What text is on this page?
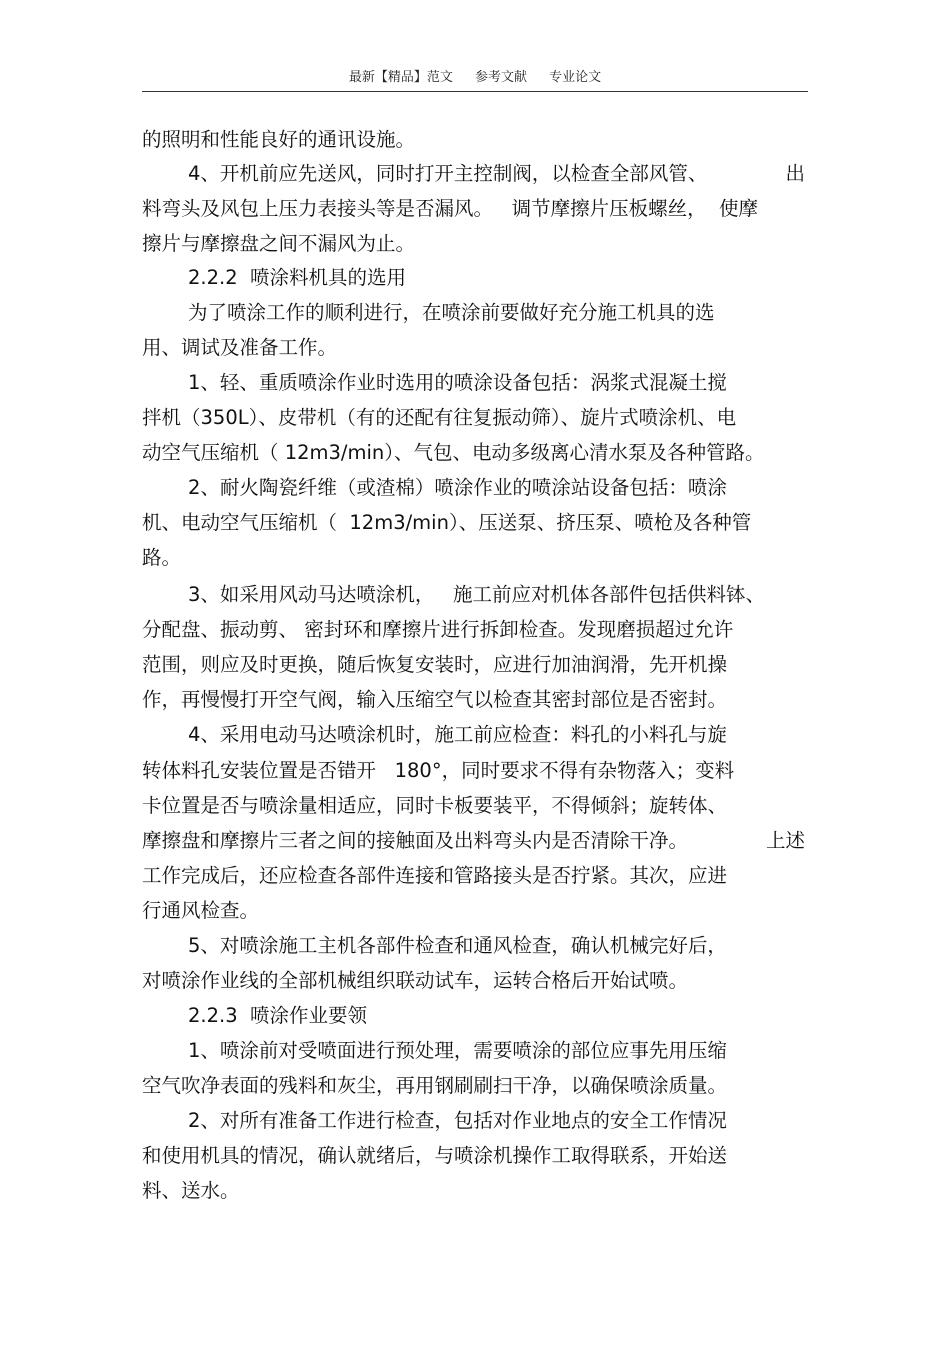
最新【精品】范文 参考文献 专业论文
的照明和性能良好的通讯设施。
4、开机前应先送风，同时打开主控制阀，以检查全部风管、	出
料弯头及风包上压力表接头等是否漏风。   调节摩擦片压板螺丝，  使摩
擦片与摩擦盘之间不漏风为止。
2.2.2  喷涂料机具的选用
为了喷涂工作的顺利进行，在喷涂前要做好充分施工机具的选
用、调试及准备工作。
1、轻、重质喷涂作业时选用的喷涂设备包括：涡浆式混凝土搅
拌机（350L）、皮带机（有的还配有往复振动筛）、旋片式喷涂机、电
动空气压缩机（ 12m3/min）、气包、电动多级离心清水泵及各种管路。
2、耐火陶瓷纤维（或渣棉）喷涂作业的喷涂站设备包括：喷涂
机、电动空气压缩机（  12m3/min）、压送泵、挤压泵、喷枪及各种管
路。
3、如采用风动马达喷涂机，   施工前应对机体各部件包括供料钵、
分配盘、振动剪、 密封环和摩擦片进行拆卸检查。发现磨损超过允许
范围，则应及时更换，随后恢复安装时，应进行加油润滑，先开机操
作，再慢慢打开空气阀，输入压缩空气以检查其密封部位是否密封。
4、采用电动马达喷涂机时，施工前应检查：料孔的小料孔与旋
转体料孔安装位置是否错开   180°，同时要求不得有杂物落入；变料
卡位置是否与喷涂量相适应，同时卡板要装平，不得倾斜；旋转体、
摩擦盘和摩擦片三者之间的接触面及出料弯头内是否清除干净。	上述
工作完成后，还应检查各部件连接和管路接头是否拧紧。其次，应进
行通风检查。
5、对喷涂施工主机各部件检查和通风检查，确认机械完好后，
对喷涂作业线的全部机械组织联动试车，运转合格后开始试喷。
2.2.3  喷涂作业要领
1、喷涂前对受喷面进行预处理，需要喷涂的部位应事先用压缩
空气吹净表面的残料和灰尘，再用钢刷刷扫干净，以确保喷涂质量。
2、对所有准备工作进行检查，包括对作业地点的安全工作情况
和使用机具的情况，确认就绪后，与喷涂机操作工取得联系，开始送
料、送水。
